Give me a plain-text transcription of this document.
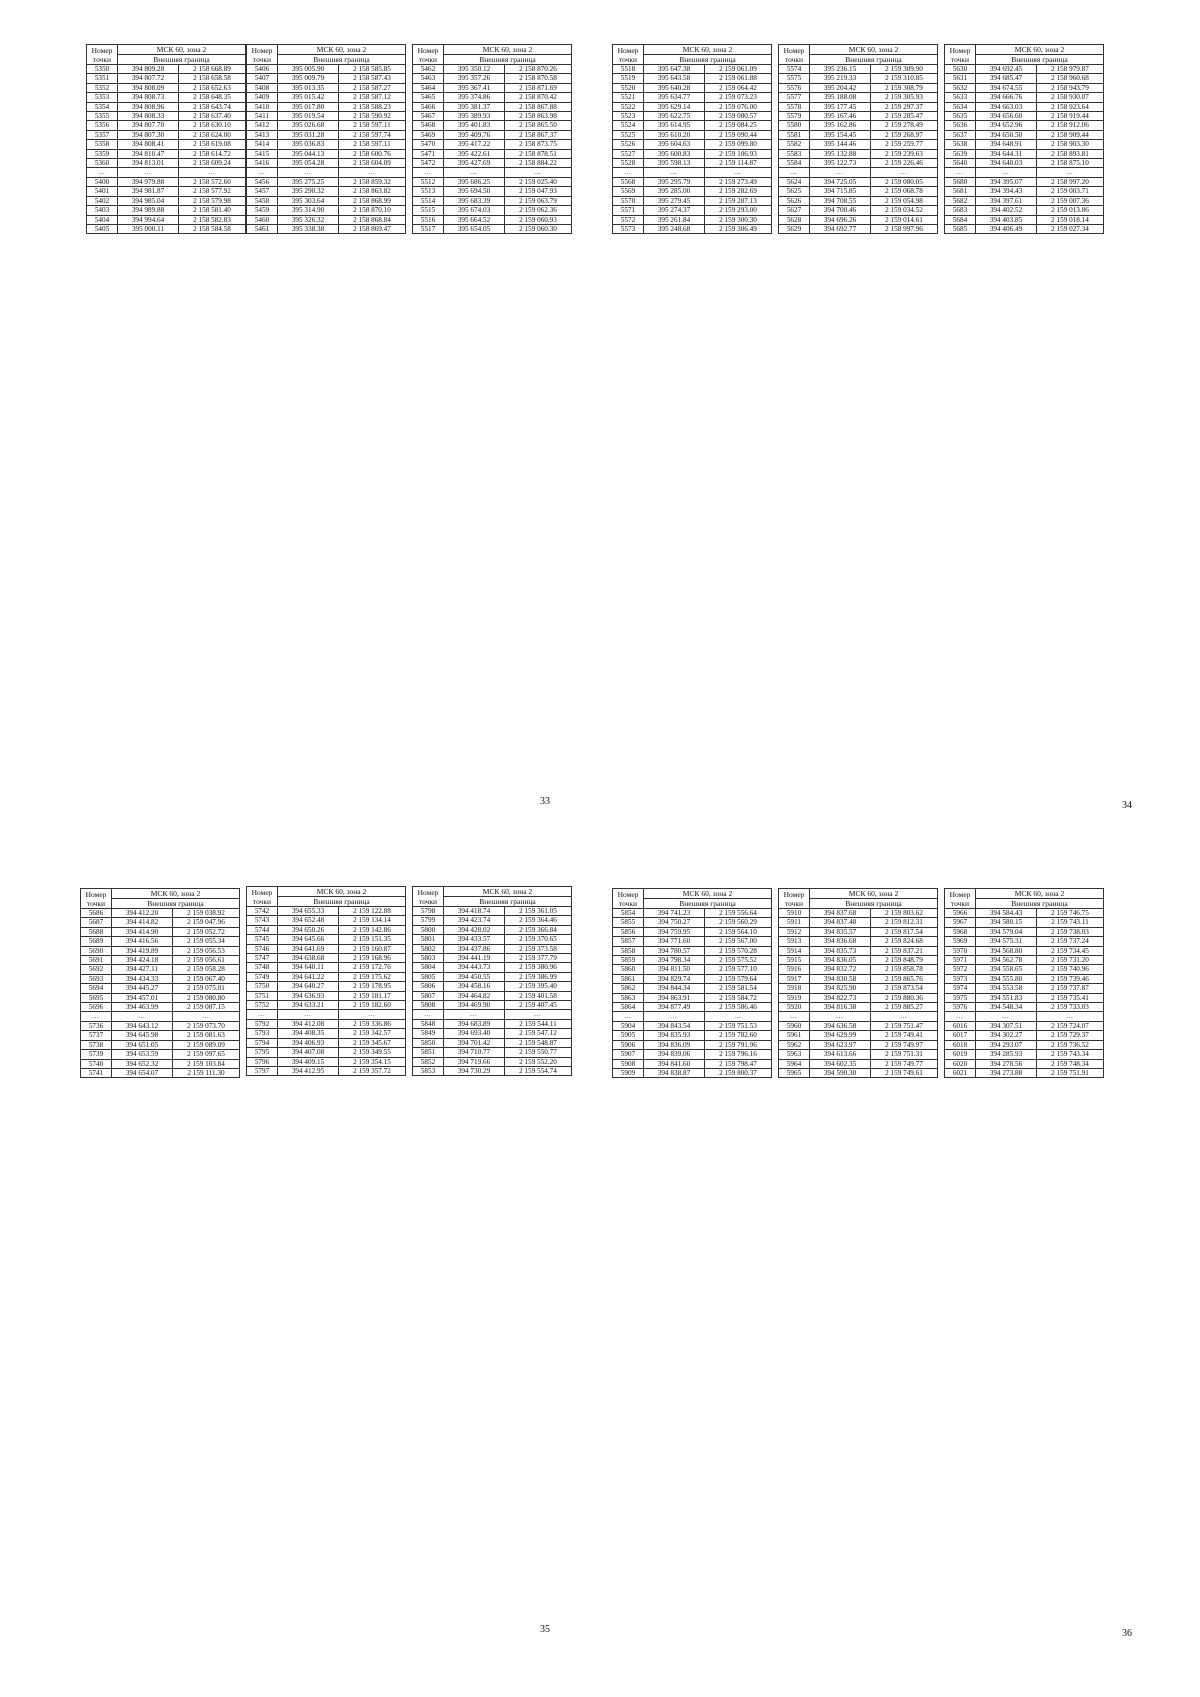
Номер точки	МСК 60, зона 2	
	Внешняя граница	
5350	394 809.28	2 158 668.89
5351	394 807.72	2 158 658.58
5352	394 808.09	2 158 652.63
5353	394 808.73	2 158 648.35
5354	394 808.96	2 158 643.74
5355	394 808.33	2 158 637.40
5356	394 807.70	2 158 630.10
5357	394 807.30	2 158 624.00
5358	394 808.41	2 158 619.08
5359	394 810.47	2 158 614.72
5360	394 813.01	2 158 609.24
…	…	…
5400	394 979.88	2 158 572.60
5401	394 981.87	2 158 577.92
5402	394 985.04	2 158 579.98
5403	394 989.88	2 158 581.40
5404	394 994.64	2 158 582.83
5405	395 000.11	2 158 584.58
Номер точки	МСК 60, зона 2	
	Внешняя граница	
5406	395 005.90	2 158 585.85
5407	395 009.79	2 158 587.43
5408	395 013.35	2 158 587.27
5409	395 015.42	2 158 587.12
5410	395 017.80	2 158 588.23
5411	395 019.54	2 158 590.92
5412	395 026.68	2 158 597.11
5413	395 031.28	2 158 597.74
5414	395 036.83	2 158 597.11
5415	395 044.13	2 158 600.76
5416	395 054.28	2 158 604.09
…	…	…
5456	395 275.25	2 158 859.32
5457	395 290.32	2 158 863.82
5458	395 303.64	2 158 868.99
5459	395 314.90	2 158 870.10
5460	395 326.32	2 158 868.84
5461	395 338.38	2 158 869.47
Номер точки	МСК 60, зона 2	
	Внешняя граница	
5462	395 350.12	2 158 870.26
5463	395 357.26	2 158 870.58
5464	395 367.41	2 158 871.69
5465	395 374.86	2 158 870.42
5466	395 381.37	2 158 867.88
5467	395 389.93	2 158 863.98
5468	395 401.83	2 158 865.50
5469	395 409.76	2 158 867.37
5470	395 417.22	2 158 873.75
5471	395 422.61	2 158 878.51
5472	395 427.69	2 158 884.22
…	…	…
5512	395 686.25	2 159 025.40
5513	395 694.50	2 159 047.93
5514	395 683.39	2 159 063.79
5515	395 674.03	2 159 062.36
5516	395 664.52	2 159 060.93
5517	395 654.05	2 159 060.30
Номер точки	МСК 60, зона 2	
	Внешняя граница	
5518	395 647.38	2 159 061.09
5519	395 643.58	2 159 061.88
5520	395 640.28	2 159 064.42
5521	395 634.77	2 159 073.23
5522	395 629.14	2 159 076.00
5523	395 622.75	2 159 080.57
5524	395 614.95	2 159 084.25
5525	395 610.20	2 159 090.44
5526	395 604.63	2 159 099.80
5527	395 600.83	2 159 106.93
5528	395 598.13	2 159 114.87
…	…	…
5568	395 295.79	2 159 273.49
5569	395 285.00	2 159 282.69
5570	395 279.45	2 159 287.13
5571	395 274.37	2 159 293.00
5572	395 261.84	2 159 300.30
5573	395 248.68	2 159 306.49
Номер точки	МСК 60, зона 2	
	Внешняя граница	
5574	395 236.15	2 159 309.90
5575	395 219.33	2 159 310.85
5576	395 204.42	2 159 308.79
5577	395 188.08	2 159 305.93
5578	395 177.45	2 159 297.37
5579	395 167.46	2 159 285.47
5580	395 162.86	2 159 278.49
5581	395 154.45	2 159 268.97
5582	395 144.46	2 159 259.77
5583	395 132.88	2 159 239.63
5584	395 122.73	2 159 226.46
…	…	…
5624	394 725.05	2 159 080.05
5625	394 715.85	2 159 068.78
5626	394 708.55	2 159 054.98
5627	394 700.46	2 159 034.52
5628	394 696.26	2 159 014.61
5629	394 692.77	2 158 997.96
Номер точки	МСК 60, зона 2	
	Внешняя граница	
5630	394 692.45	2 158 979.87
5631	394 685.47	2 158 960.68
5632	394 674.55	2 158 943.79
5633	394 666.76	2 158 930.07
5634	394 663.03	2 158 923.64
5635	394 656.60	2 158 919.44
5636	394 652.96	2 158 912.06
5637	394 650.50	2 158 909.44
5638	394 648.91	2 158 903.30
5639	394 644.31	2 158 893.81
5640	394 640.03	2 158 875.10
…	…	…
5680	394 395.07	2 158 997.20
5681	394 394.43	2 159 003.71
5682	394 397.61	2 159 007.36
5683	394 402.52	2 159 013.86
5684	394 403.85	2 159 018.14
5685	394 406.49	2 159 027.34
33	34
Номер точки	МСК 60, зона 2	
	Внешняя граница	
5686	394 412.20	2 159 038.92
5687	394 414.82	2 159 047.96
5688	394 414.90	2 159 052.72
5689	394 416.56	2 159 055.34
5690	394 419.89	2 159 056.53
5691	394 424.18	2 159 056.61
5692	394 427.11	2 159 058.28
5693	394 434.33	2 159 067.40
5694	394 445.27	2 159 075.01
5695	394 457.01	2 159 080.80
5696	394 463.99	2 159 087.15
…	…	…
5736	394 643.12	2 159 073.70
5737	394 645.98	2 159 081.63
5738	394 651.05	2 159 089.09
5739	394 653.59	2 159 097.65
5740	394 652.32	2 159 103.84
5741	394 654.07	2 159 111.30
Номер точки	МСК 60, зона 2	
	Внешняя граница	
5742	394 655.33	2 159 122.88
5743	394 652.48	2 159 134.14
5744	394 650.26	2 159 142.86
5745	394 645.66	2 159 151.35
5746	394 641.69	2 159 160.87
5747	394 638.68	2 159 168.96
5748	394 640.11	2 159 172.76
5749	394 641.22	2 159 175.62
5750	394 640.27	2 159 178.95
5751	394 636.93	2 159 181.17
5752	394 633.21	2 159 182.60
…	…	…
5792	394 412.08	2 159 336.86
5793	394 408.35	2 159 342.57
5794	394 406.93	2 159 345.67
5795	394 407.08	2 159 349.55
5796	394 409.15	2 159 354.15
5797	394 412.95	2 159 357.72
Номер точки	МСК 60, зона 2	
	Внешняя граница	
5798	394 418.74	2 159 361.05
5799	394 423.74	2 159 364.46
5800	394 428.02	2 159 366.84
5801	394 433.57	2 159 370.65
5802	394 437.86	2 159 373.58
5803	394 441.19	2 159 377.79
5804	394 443.73	2 159 380.96
5805	394 450.55	2 159 386.99
5806	394 458.16	2 159 395.40
5807	394 464.82	2 159 401.58
5808	394 469.90	2 159 407.45
…	…	…
5848	394 683.89	2 159 544.11
5849	394 693.40	2 159 547.12
5850	394 701.42	2 159 548.87
5851	394 710.77	2 159 550.77
5852	394 719.66	2 159 552.20
5853	394 730.29	2 159 554.74
Номер точки	МСК 60, зона 2	
	Внешняя граница	
5854	394 741.23	2 159 556.64
5855	394 750.27	2 159 560.29
5856	394 759.95	2 159 564.10
5857	394 771.60	2 159 567.00
5858	394 780.57	2 159 570.28
5859	394 798.34	2 159 575.52
5860	394 811.50	2 159 577.10
5861	394 829.74	2 159 579.64
5862	394 844.34	2 159 581.54
5863	394 863.91	2 159 584.72
5864	394 877.49	2 159 586.46
…	…	…
5904	394 843.54	2 159 751.53
5905	394 835.93	2 159 782.60
5906	394 836.09	2 159 791.96
5907	394 839.06	2 159 796.16
5908	394 841.60	2 159 798.47
5909	394 838.87	2 159 800.37
Номер точки	МСК 60, зона 2	
	Внешняя граница	
5910	394 837.68	2 159 803.62
5911	394 837.48	2 159 812.31
5912	394 835.57	2 159 817.54
5913	394 836.68	2 159 824.68
5914	394 835.73	2 159 837.21
5915	394 836.05	2 159 848.79
5916	394 832.72	2 159 858.78
5917	394 830.58	2 159 865.76
5918	394 825.90	2 159 873.54
5919	394 822.73	2 159 880.36
5920	394 816.38	2 159 885.27
…	…	…
5960	394 636.58	2 159 751.47
5961	394 629.99	2 159 749.41
5962	394 623.97	2 159 749.97
5963	394 613.66	2 159 751.31
5964	394 602.35	2 159 749.77
5965	394 590.30	2 159 749.61
Номер точки	МСК 60, зона 2	
	Внешняя граница	
5966	394 584.43	2 159 746.75
5967	394 580.15	2 159 743.11
5968	394 579.04	2 159 738.03
5969	394 575.31	2 159 737.24
5970	394 568.80	2 159 734.45
5971	394 562.78	2 159 731.20
5972	394 558.65	2 159 740.96
5973	394 555.80	2 159 739.46
5974	394 553.58	2 159 737.87
5975	394 551.83	2 159 735.41
5976	394 548.34	2 159 733.03
…	…	…
6016	394 307.51	2 159 724.07
6017	394 302.27	2 159 729.37
6018	394 293.07	2 159 736.52
6019	394 285.93	2 159 743.34
6020	394 278.56	2 159 748.34
6021	394 273.88	2 159 751.91
35	36
